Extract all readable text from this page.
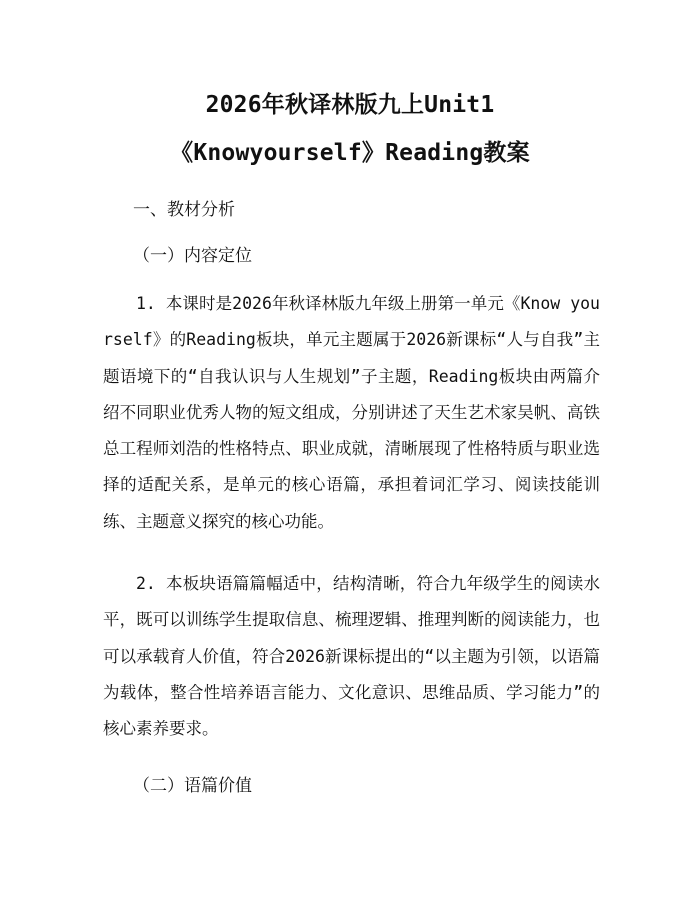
2026年秋译林版九上Unit1
《Knowyourself》Reading教案
一、教材分析
（一）内容定位

1. 本课时是2026年秋译林版九年级上册第一单元《Know yourself》的Reading板块，单元主题属于2026新课标“人与自我”主题语境下的“自我认识与人生规划”子主题，Reading板块由两篇介绍不同职业优秀人物的短文组成，分别讲述了天生艺术家吴帆、高铁总工程师刘浩的性格特点、职业成就，清晰展现了性格特质与职业选择的适配关系，是单元的核心语篇，承担着词汇学习、阅读技能训练、主题意义探究的核心功能。

2. 本板块语篇篇幅适中，结构清晰，符合九年级学生的阅读水平，既可以训练学生提取信息、梳理逻辑、推理判断的阅读能力，也可以承载育人价值，符合2026新课标提出的“以主题为引领，以语篇为载体，整合性培养语言能力、文化意识、思维品质、学习能力”的核心素养要求。

（二）语篇价值
